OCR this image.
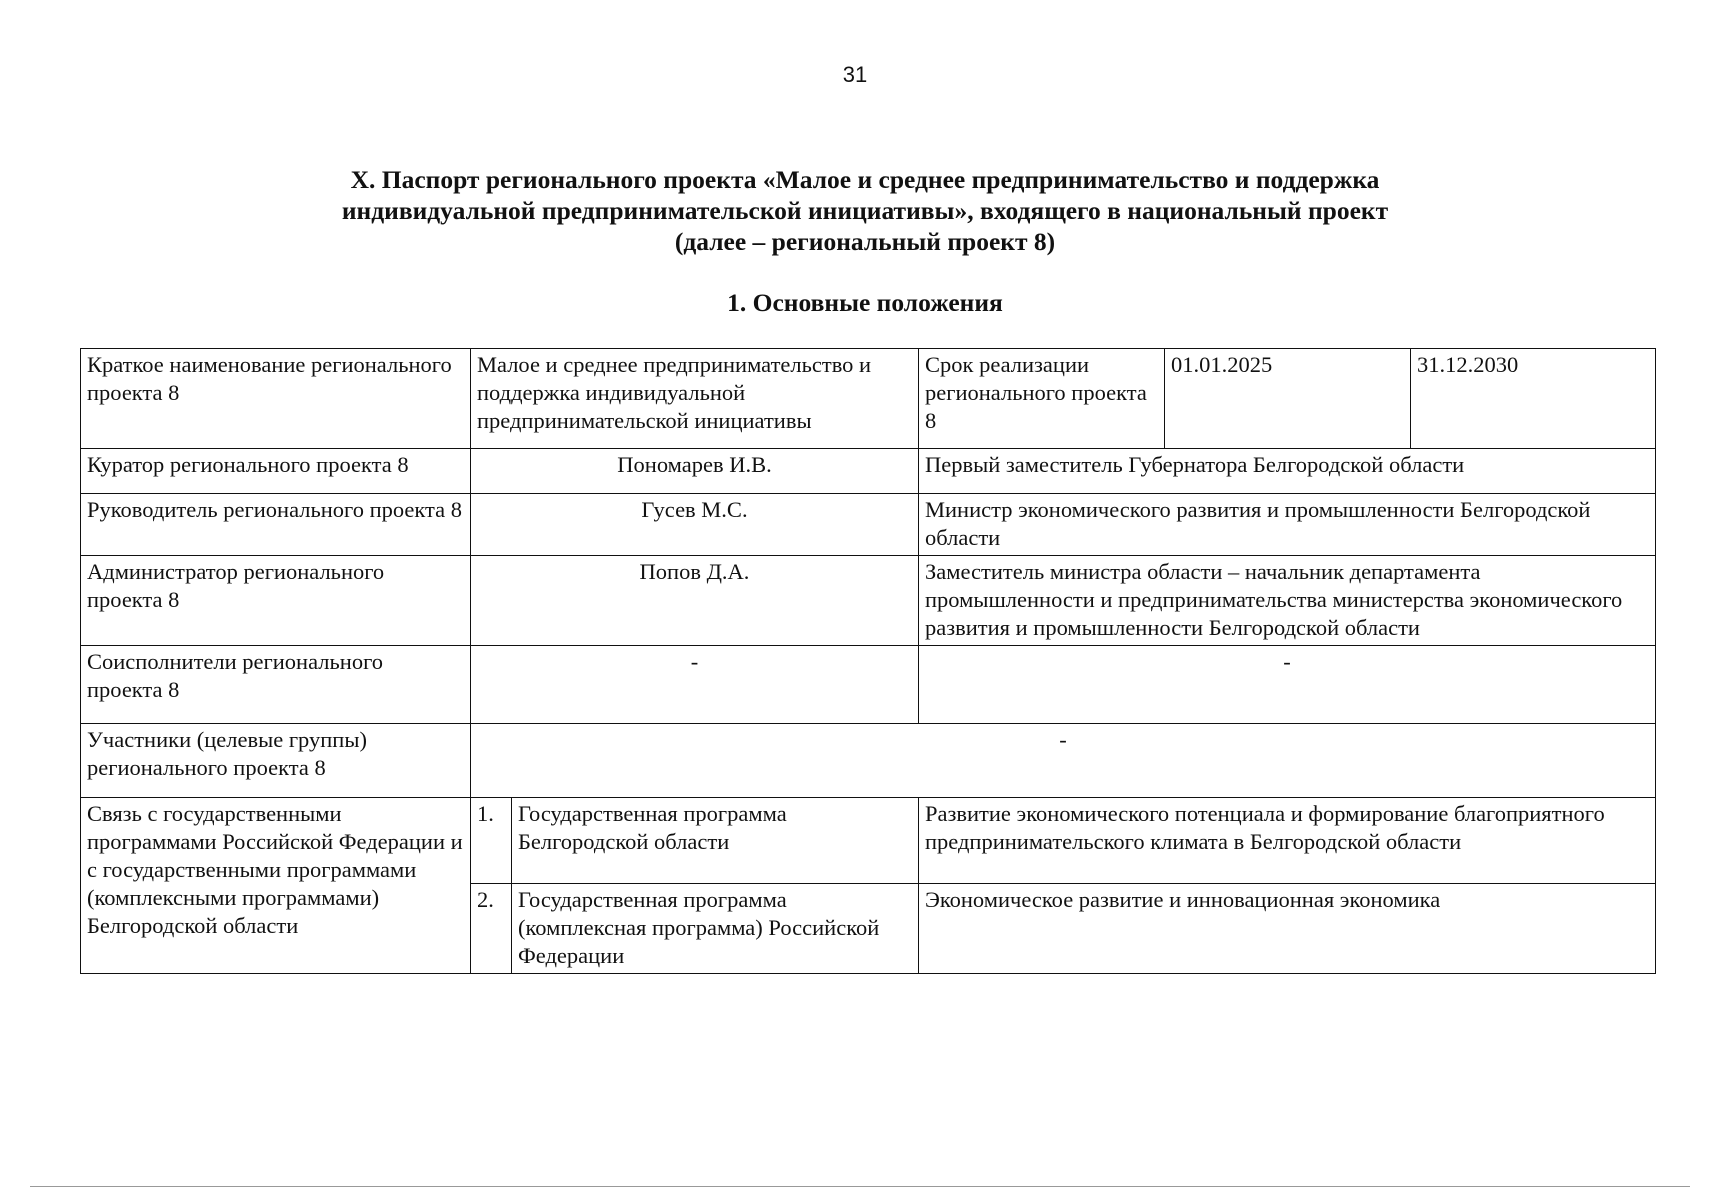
31
X. Паспорт регионального проекта «Малое и среднее предпринимательство и поддержка
индивидуальной предпринимательской инициативы», входящего в национальный проект
(далее – региональный проект 8)
1. Основные положения
Краткое наименование регионального проекта 8	Малое и среднее предпринимательство и поддержка индивидуальной предпринимательской инициативы		Срок реализации регионального проекта 8	01.01.2025	31.12.2030
Куратор регионального проекта 8	Пономарев И.В.		Первый заместитель Губернатора Белгородской области		
Руководитель регионального проекта 8	Гусев М.С.		Министр экономического развития и промышленности Белгородской области		
Администратор регионального проекта 8	Попов Д.А.		Заместитель министра области – начальник департамента промышленности и предпринимательства министерства экономического развития и промышленности Белгородской области		
Соисполнители регионального проекта 8	-		-		
Участники (целевые группы) регионального проекта 8	-				
Связь с государственными программами Российской Федерации и с государственными программами (комплексными программами) Белгородской области	1.	Государственная программа Белгородской области	Развитие экономического потенциала и формирование благоприятного предпринимательского климата в Белгородской области		
	2.	Государственная программа (комплексная программа) Российской Федерации	Экономическое развитие и инновационная экономика		
